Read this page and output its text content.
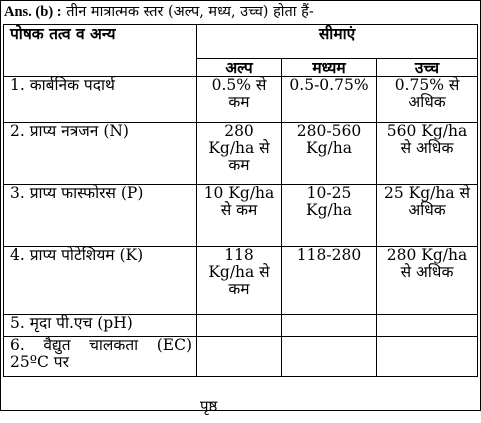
Ans. (b) : तीन मात्रात्मक स्तर (अल्प, मध्य, उच्च) होता हैं-
पोषक तत्व व अन्य	सीमाएं		
	अल्प	मध्यम	उच्च
1. कार्बनिक पदार्थ	0.5% से कम	0.5-0.75%	0.75% से अधिक
2. प्राप्य नत्रजन (N)	280 Kg/ha से कम	280-560 Kg/ha	560 Kg/ha से अधिक
3. प्राप्य फास्फोरस (P)	10 Kg/ha से कम	10-25 Kg/ha	25 Kg/ha से अधिक
4. प्राप्य पोटेशियम (K)	118 Kg/ha से कम	118-280	280 Kg/ha से अधिक
5. मृदा पी.एच (pH)			
6. वैद्युत चालकता (EC) 25ºC पर			
पृष्ठ
